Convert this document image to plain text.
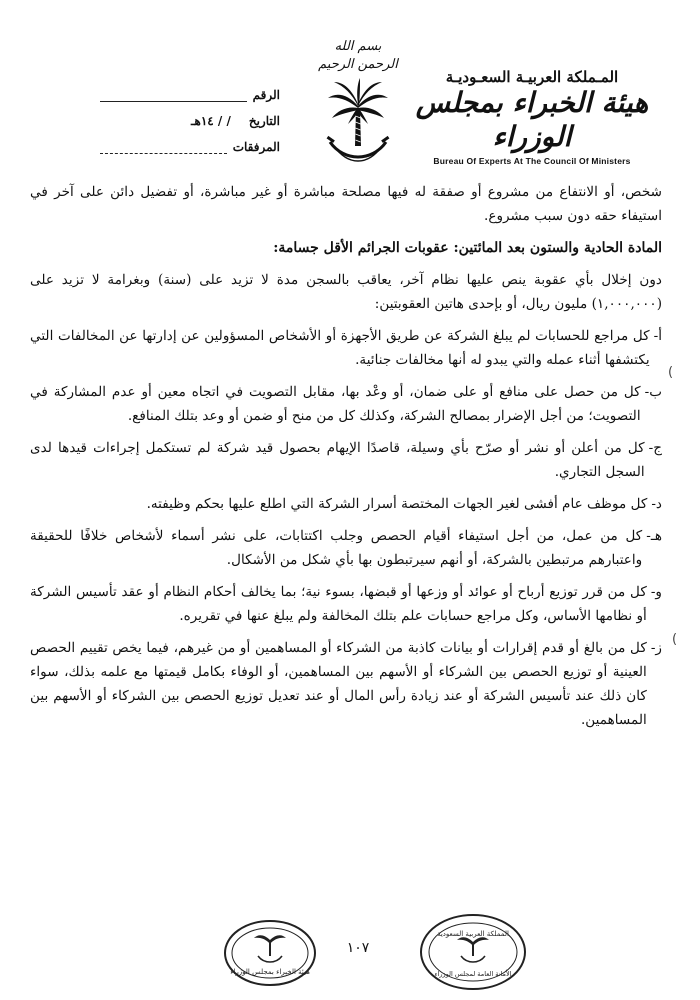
المـملكة العربيـة السعـوديـة
هيئة الخبراء بمجلس الوزراء
Bureau Of Experts At The Council Of Ministers
بسم الله الرحمن الرحيم
الرقم
التاريخ
/ / ١٤هـ
المرفقات

شخص، أو الانتفاع من مشروع أو صفقة له فيها مصلحة مباشرة أو غير مباشرة، أو تفضيل دائن على آخر في استيفاء حقه دون سبب مشروع.

المادة الحادية والستون بعد المائتين: عقوبات الجرائم الأقل جسامة:

دون إخلال بأي عقوبة ينص عليها نظام آخر، يعاقب بالسجن مدة لا تزيد على (سنة) وبغرامة لا تزيد على (١,٠٠٠,٠٠٠) مليون ريال، أو بإحدى هاتين العقوبتين:

أ-
كل مراجع للحسابات لم يبلغ الشركة عن طريق الأجهزة أو الأشخاص المسؤولين عن إدارتها عن المخالفات التي يكتشفها أثناء عمله والتي يبدو له أنها مخالفات جنائية.
ب-
كل من حصل على منافع أو على ضمان، أو وعْد بها، مقابل التصويت في اتجاه معين أو عدم المشاركة في التصويت؛ من أجل الإضرار بمصالح الشركة، وكذلك كل من منح أو ضمن أو وعد بتلك المنافع.
ج-
كل من أعلن أو نشر أو صرّح بأي وسيلة، قاصدًا الإيهام بحصول قيد شركة لم تستكمل إجراءات قيدها لدى السجل التجاري.
د-
كل موظف عام أفشى لغير الجهات المختصة أسرار الشركة التي اطلع عليها بحكم وظيفته.
هـ-
كل من عمل، من أجل استيفاء أقيام الحصص وجلب اكتتابات، على نشر أسماء لأشخاص خلافًا للحقيقة واعتبارهم مرتبطين بالشركة، أو أنهم سيرتبطون بها بأي شكل من الأشكال.
و-
كل من قرر توزيع أرباح أو عوائد أو وزعها أو قبضها، بسوء نية؛ بما يخالف أحكام النظام أو عقد تأسيس الشركة أو نظامها الأساس، وكل مراجع حسابات علم بتلك المخالفة ولم يبلغ عنها في تقريره.
ز-
كل من بالغ أو قدم إقرارات أو بيانات كاذبة من الشركاء أو المساهمين أو من غيرهم، فيما يخص تقييم الحصص العينية أو توزيع الحصص بين الشركاء أو الأسهم بين المساهمين، أو الوفاء بكامل قيمتها مع علمه بذلك، سواء كان ذلك عند تأسيس الشركة أو عند زيادة رأس المال أو عند تعديل توزيع الحصص بين الشركاء أو الأسهم بين المساهمين.
(
(
١٠٧
هيئة الخبراء بمجلس الوزراء
المملكة العربية السعودية
الأمانة العامة لمجلس الوزراء
